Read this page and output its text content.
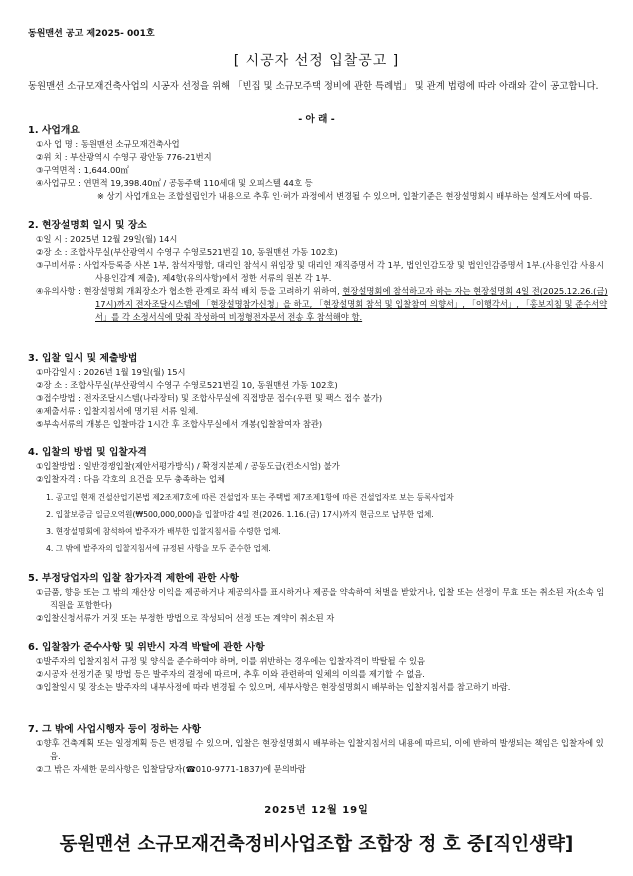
동원맨션 공고 제2025- 001호
[ 시공자 선정 입찰공고 ]
동원맨션 소규모재건축사업의 시공자 선정을 위해 「빈집 및 소규모주택 정비에 관한 특례법」 및 관계 법령에 따라 아래와 같이 공고합니다.
- 아 래 -
1. 사업개요
①사 업 명 : 동원맨션 소규모재건축사업
②위 치 : 부산광역시 수영구 광안동 776-21번지
③구역면적 : 1,644.00㎡
④사업규모 : 연면적 19,398.40㎡ / 공동주택 110세대 및 오피스텔 44호 등
※ 상기 사업개요는 조합설립인가 내용으로 추후 인·허가 과정에서 변경될 수 있으며, 입찰기준은 현장설명회시 배부하는 설계도서에 따름.
2. 현장설명회 일시 및 장소
①일 시 : 2025년 12월 29일(월) 14시
②장 소 : 조합사무실(부산광역시 수영구 수영로521번길 10, 동원맨션 가동 102호)
③구비서류 : 사업자등록증 사본 1부, 참석자명함, 대리인 참석시 위임장 및 대리인 재직증명서 각 1부, 법인인감도장 및 법인인감증명서 1부.(사용인감 사용시 사용인감계 제출), 제4항(유의사항)에서 정한 서류의 원본 각 1부.
④유의사항 : 현장설명회 개최장소가 협소한 관계로 좌석 배치 등을 고려하기 위하여, 현장설명회에 참석하고자 하는 자는 현장설명회 4일 전(2025.12.26.(금) 17시)까지 전자조달시스템에 「현장설명참가신청」을 하고, 「현장설명회 참석 및 입찰참여 의향서」, 「이행각서」, 「홍보지침 및 준수서약서」를 각 소정서식에 맞춰 작성하여 비정형전자문서 전송 후 참석해야 함.
3. 입찰 일시 및 제출방법
①마감일시 : 2026년 1월 19일(월) 15시
②장 소 : 조합사무실(부산광역시 수영구 수영로521번길 10, 동원맨션 가동 102호)
③접수방법 : 전자조달시스템(나라장터) 및 조합사무실에 직접방문 접수(우편 및 팩스 접수 불가)
④제출서류 : 입찰지침서에 명기된 서류 일체.
⑤부속서류의 개봉은 입찰마감 1시간 후 조합사무실에서 개봉(입찰참여자 참관)
4. 입찰의 방법 및 입찰자격
①입찰방법 : 일반경쟁입찰(제안서평가방식) / 확정지분제 / 공동도급(컨소시엄) 불가
②입찰자격 : 다음 각호의 요건을 모두 충족하는 업체
1. 공고일 현재 건설산업기본법 제2조제7호에 따른 건설업자 또는 주택법 제7조제1항에 따른 건설업자로 보는 등록사업자
2. 입찰보증금 일금오억원(₩500,000,000)을 입찰마감 4일 전(2026. 1.16.(금) 17시)까지 현금으로 납부한 업체.
3. 현장설명회에 참석하여 발주자가 배부한 입찰지침서를 수령한 업체.
4. 그 밖에 발주자의 입찰지침서에 규정된 사항을 모두 준수한 업체.
5. 부정당업자의 입찰 참가자격 제한에 관한 사항
①금품, 향응 또는 그 밖의 재산상 이익을 제공하거나 제공의사를 표시하거나 제공을 약속하여 처벌을 받았거나, 입찰 또는 선정이 무효 또는 취소된 자(소속 임직원을 포함한다)
②입찰신청서류가 거짓 또는 부정한 방법으로 작성되어 선정 또는 계약이 취소된 자
6. 입찰참가 준수사항 및 위반시 자격 박탈에 관한 사항
①발주자의 입찰지침서 규정 및 양식을 준수하여야 하며, 이를 위반하는 경우에는 입찰자격이 박탈될 수 있음
②시공자 선정기준 및 방법 등은 발주자의 결정에 따르며, 추후 이와 관련하여 일체의 이의를 제기할 수 없음.
③입찰일시 및 장소는 발주자의 내부사정에 따라 변경될 수 있으며, 세부사항은 현장설명회시 배부하는 입찰지침서를 참고하기 바람.
7. 그 밖에 사업시행자 등이 정하는 사항
①향후 건축계획 또는 일정계획 등은 변경될 수 있으며, 입찰은 현장설명회시 배부하는 입찰지침서의 내용에 따르되, 이에 반하여 발생되는 책임은 입찰자에 있음.
②그 밖은 자세한 문의사항은 입찰담당자(☎010-9771-1837)에 문의바람
2025년 12월 19일
동원맨션 소규모재건축정비사업조합 조합장 정 호 중[직인생략]
